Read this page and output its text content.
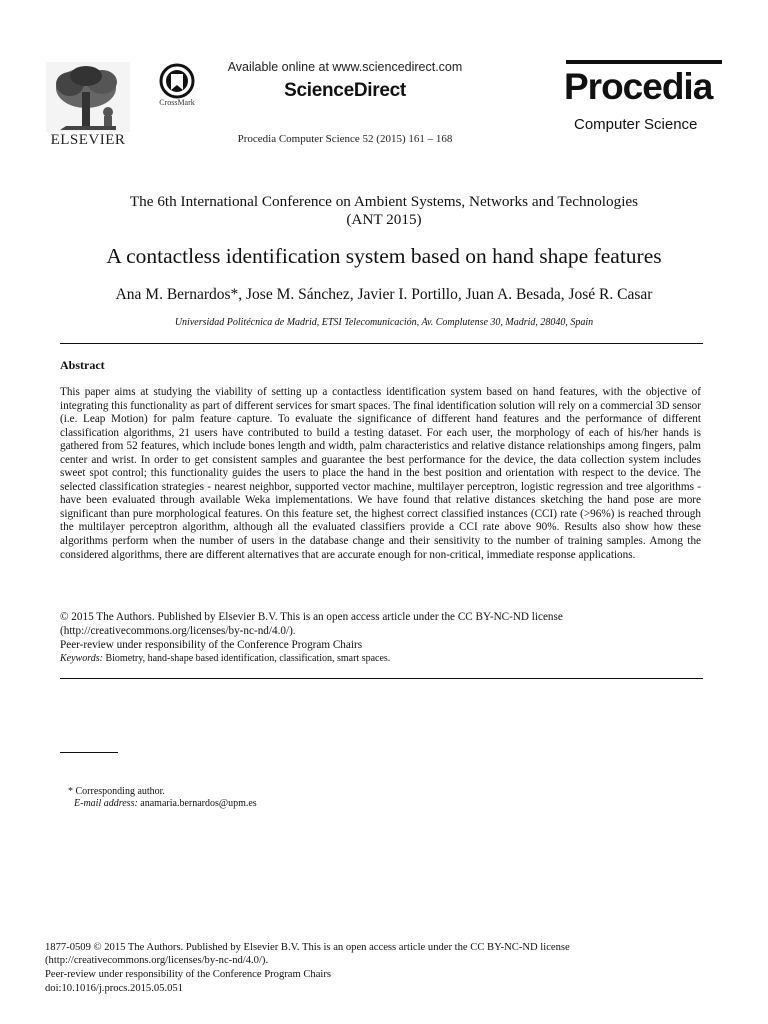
ELSEVIER
CrossMark
Available online at www.sciencedirect.com
ScienceDirect
Procedia Computer Science 52 (2015) 161 – 168
Procedia
Computer Science
The 6th International Conference on Ambient Systems, Networks and Technologies
(ANT 2015)
A contactless identification system based on hand shape features
Ana M. Bernardos*, Jose M. Sánchez, Javier I. Portillo, Juan A. Besada, José R. Casar
Universidad Politécnica de Madrid, ETSI Telecomunicación, Av. Complutense 30, Madrid, 28040, Spain
Abstract
This paper aims at studying the viability of setting up a contactless identification system based on hand features, with the objective of integrating this functionality as part of different services for smart spaces. The final identification solution will rely on a commercial 3D sensor (i.e. Leap Motion) for palm feature capture. To evaluate the significance of different hand features and the performance of different classification algorithms, 21 users have contributed to build a testing dataset. For each user, the morphology of each of his/her hands is gathered from 52 features, which include bones length and width, palm characteristics and relative distance relationships among fingers, palm center and wrist. In order to get consistent samples and guarantee the best performance for the device, the data collection system includes sweet spot control; this functionality guides the users to place the hand in the best position and orientation with respect to the device. The selected classification strategies - nearest neighbor, supported vector machine, multilayer perceptron, logistic regression and tree algorithms - have been evaluated through available Weka implementations. We have found that relative distances sketching the hand pose are more significant than pure morphological features. On this feature set, the highest correct classified instances (CCI) rate (>96%) is reached through the multilayer perceptron algorithm, although all the evaluated classifiers provide a CCI rate above 90%. Results also show how these algorithms perform when the number of users in the database change and their sensitivity to the number of training samples. Among the considered algorithms, there are different alternatives that are accurate enough for non-critical, immediate response applications.
© 2015 The Authors. Published by Elsevier B.V. This is an open access article under the CC BY-NC-ND license
(http://creativecommons.org/licenses/by-nc-nd/4.0/).
Peer-review under responsibility of the Conference Program Chairs
Keywords: Biometry, hand-shape based identification, classification, smart spaces.
* Corresponding author.
E-mail address: anamaria.bernardos@upm.es
1877-0509 © 2015 The Authors. Published by Elsevier B.V. This is an open access article under the CC BY-NC-ND license
(http://creativecommons.org/licenses/by-nc-nd/4.0/).
Peer-review under responsibility of the Conference Program Chairs
doi:10.1016/j.procs.2015.05.051
